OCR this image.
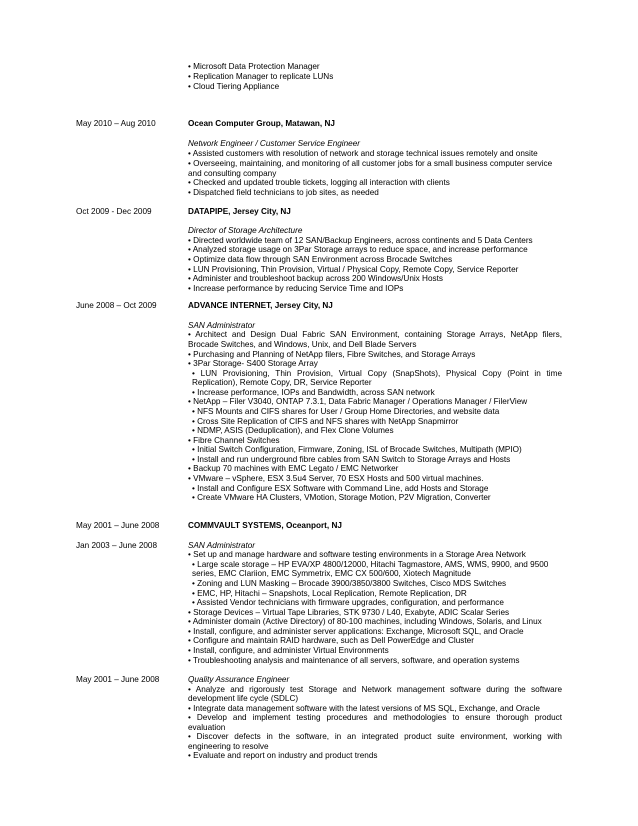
• Microsoft Data Protection Manager
• Replication Manager to replicate LUNs
• Cloud Tiering Appliance
May 2010 – Aug 2010	Ocean Computer Group, Matawan, NJ
Network Engineer / Customer Service Engineer
• Assisted customers with resolution of network and storage technical issues remotely and onsite
• Overseeing, maintaining, and monitoring of all customer jobs for a small business computer service
and consulting company
• Checked and updated trouble tickets, logging all interaction with clients
• Dispatched field technicians to job sites, as needed
Oct 2009 - Dec 2009	DATAPIPE, Jersey City, NJ
Director of Storage Architecture
• Directed worldwide team of 12 SAN/Backup Engineers, across continents and 5 Data Centers
• Analyzed storage usage on 3Par Storage arrays to reduce space, and increase performance
• Optimize data flow through SAN Environment across Brocade Switches
• LUN Provisioning, Thin Provision, Virtual / Physical Copy, Remote Copy, Service Reporter
• Administer and troubleshoot backup across 200 Windows/Unix Hosts
• Increase performance by reducing Service Time and IOPs
June 2008 – Oct 2009	ADVANCE INTERNET, Jersey City, NJ
SAN Administrator
• Architect and Design Dual Fabric SAN Environment, containing Storage Arrays, NetApp filers,
Brocade Switches, and Windows, Unix, and Dell Blade Servers
• Purchasing and Planning of NetApp filers, Fibre Switches, and Storage Arrays
• 3Par Storage- S400 Storage Array
• LUN Provisioning, Thin Provision, Virtual Copy (SnapShots), Physical Copy (Point in time
Replication), Remote Copy, DR, Service Reporter
• Increase performance, IOPs and Bandwidth, across SAN network
• NetApp – Filer V3040, ONTAP 7.3.1, Data Fabric Manager / Operations Manager / FilerView
• NFS Mounts and CIFS shares for User / Group Home Directories, and website data
• Cross Site Replication of CIFS and NFS shares with NetApp Snapmirror
• NDMP, ASIS (Deduplication), and Flex Clone Volumes
• Fibre Channel Switches
• Initial Switch Configuration, Firmware, Zoning, ISL of Brocade Switches, Multipath (MPIO)
• Install and run underground fibre cables from SAN Switch to Storage Arrays and Hosts
• Backup 70 machines with EMC Legato / EMC Networker
• VMware – vSphere, ESX 3.5u4 Server, 70 ESX Hosts and 500 virtual machines.
• Install and Configure ESX Software with Command Line, add Hosts and Storage
• Create VMware HA Clusters, VMotion, Storage Motion, P2V Migration, Converter
May 2001 – June 2008	COMMVAULT SYSTEMS, Oceanport, NJ
Jan 2003 – June 2008	SAN Administrator
• Set up and manage hardware and software testing environments in a Storage Area Network
• Large scale storage – HP EVA/XP 4800/12000, Hitachi Tagmastore, AMS, WMS, 9900, and 9500
series, EMC Clariion, EMC Symmetrix, EMC CX 500/600, Xiotech Magnitude
• Zoning and LUN Masking – Brocade 3900/3850/3800 Switches, Cisco MDS Switches
• EMC, HP, Hitachi – Snapshots, Local Replication, Remote Replication, DR
• Assisted Vendor technicians with firmware upgrades, configuration, and performance
• Storage Devices – Virtual Tape Libraries, STK 9730 / L40, Exabyte, ADIC Scalar Series
• Administer domain (Active Directory) of 80-100 machines, including Windows, Solaris, and Linux
• Install, configure, and administer server applications: Exchange, Microsoft SQL, and Oracle
• Configure and maintain RAID hardware, such as Dell PowerEdge and Cluster
• Install, configure, and administer Virtual Environments
• Troubleshooting analysis and maintenance of all servers, software, and operation systems
May 2001 – June 2008	Quality Assurance Engineer
• Analyze and rigorously test Storage and Network management software during the software
development life cycle (SDLC)
• Integrate data management software with the latest versions of MS SQL, Exchange, and Oracle
• Develop and implement testing procedures and methodologies to ensure thorough product
evaluation
• Discover defects in the software, in an integrated product suite environment, working with
engineering to resolve
• Evaluate and report on industry and product trends
